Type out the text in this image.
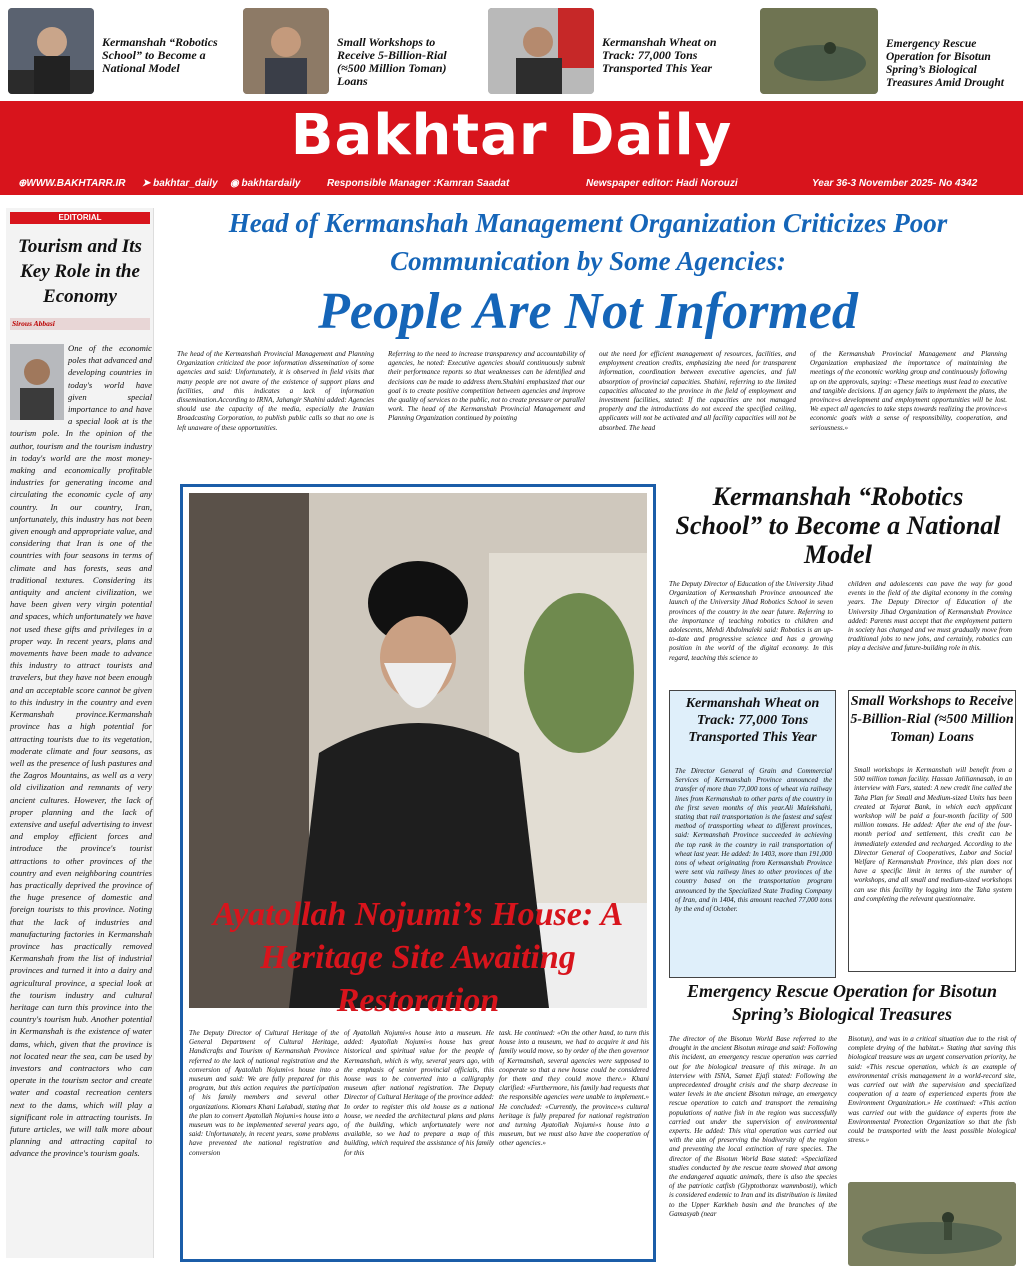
Kermanshah “Robotics School” to Become a National Model
Small Workshops to Receive 5-Billion-Rial (≈500 Million Toman) Loans
Kermanshah Wheat on Track: 77,000 Tons Transported This Year
Emergency Rescue Operation for Bisotun Spring’s Biological Treasures Amid Drought
Bakhtar Daily
⊕WWW.BAKHTARR.IR ➤ bakhtar_daily ◉ bakhtardaily	Responsible Manager :Kamran Saadat	Newspaper editor: Hadi Norouzi	Year 36-3 November 2025- No 4342
EDITORIAL
Tourism and Its Key Role in the Economy
Sirous Abbasi
One of the economic poles that advanced and developing countries in today's world have given special importance to and have a special look at is the tourism pole. In the opinion of the author, tourism and the tourism industry in today's world are the most money-making and economically profitable industries for generating income and circulating the economic cycle of any country. In our country, Iran, unfortunately, this industry has not been given enough and appropriate value, and considering that Iran is one of the countries with four seasons in terms of climate and has forests, seas and traditional textures. Considering its antiquity and ancient civilization, we have been given very virgin potential and spaces, which unfortunately we have not used these gifts and privileges in a proper way. In recent years, plans and movements have been made to advance this industry to attract tourists and travelers, but they have not been enough and an acceptable score cannot be given to this industry in the country and even Kermanshah province.Kermanshah province has a high potential for attracting tourists due to its vegetation, moderate climate and four seasons, as well as the presence of lush pastures and the Zagros Mountains, as well as a very old civilization and remnants of very ancient cultures. However, the lack of proper planning and the lack of extensive and useful advertising to invest and employ efficient forces and introduce the province's tourist attractions to other provinces of the country and even neighboring countries has practically deprived the province of the huge presence of domestic and foreign tourists to this province. Noting that the lack of industries and manufacturing factories in Kermanshah province has practically removed Kermanshah from the list of industrial provinces and turned it into a dairy and agricultural province, a special look at the tourism industry and cultural heritage can turn this province into the country's tourism hub. Another potential in Kermanshah is the existence of water dams, which, given that the province is not located near the sea, can be used by investors and contractors who can operate in the tourism sector and create water and coastal recreation centers next to the dams, which will play a significant role in attracting tourists. In future articles, we will talk more about planning and attracting capital to advance the province's tourism goals.
Head of Kermanshah Management Organization Criticizes Poor Communication by Some Agencies:
People Are Not Informed
The head of the Kermanshah Provincial Management and Planning Organization criticized the poor information dissemination of some agencies and said: Unfortunately, it is observed in field visits that many people are not aware of the existence of support plans and facilities, and this indicates a lack of information dissemination.According to IRNA, Jahangir Shahini added: Agencies should use the capacity of the media, especially the Iranian Broadcasting Corporation, to publish public calls so that no one is left unaware of these opportunities.
Referring to the need to increase transparency and accountability of agencies, he noted: Executive agencies should continuously submit their performance reports so that weaknesses can be identified and decisions can be made to address them.Shahini emphasized that our goal is to create positive competition between agencies and improve the quality of services to the public, not to create pressure or parallel work. The head of the Kermanshah Provincial Management and Planning Organization continued by pointing
out the need for efficient management of resources, facilities, and employment creation credits, emphasizing the need for transparent information, coordination between executive agencies, and full absorption of provincial capacities. Shahini, referring to the limited capacities allocated to the province in the field of employment and investment facilities, stated: If the capacities are not managed properly and the introductions do not exceed the specified ceiling, applicants will not be activated and all facility capacities will not be absorbed. The head
of the Kermanshah Provincial Management and Planning Organization emphasized the importance of maintaining the meetings of the economic working group and continuously following up on the approvals, saying: «These meetings must lead to executive and tangible decisions. If an agency fails to implement the plans, the province»s development and employment opportunities will be lost. We expect all agencies to take steps towards realizing the province»s economic goals with a sense of responsibility, cooperation, and seriousness.»
Ayatollah Nojumi’s House: A Heritage Site Awaiting Restoration
The Deputy Director of Cultural Heritage of the General Department of Cultural Heritage, Handicrafts and Tourism of Kermanshah Province referred to the lack of national registration and the conversion of Ayatollah Nojumi»s house into a museum and said: We are fully prepared for this program, but this action requires the participation of his family members and several other organizations. Kiomars Khani Lalabadi, stating that the plan to convert Ayatollah Nojumi»s house into a museum was to be implemented several years ago, said: Unfortunately, in recent years, some problems have prevented the national registration and conversion
of Ayatollah Nojumi»s house into a museum. He added: Ayatollah Nojumi»s house has great historical and spiritual value for the people of Kermanshah, which is why, several years ago, with the emphasis of senior provincial officials, this house was to be converted into a calligraphy museum after national registration. The Deputy Director of Cultural Heritage of the province added: In order to register this old house as a national house, we needed the architectural plans and plans of the building, which unfortunately were not available, so we had to prepare a map of this building, which required the assistance of his family for this
task. He continued: «On the other hand, to turn this house into a museum, we had to acquire it and his family would move, so by order of the then governor of Kermanshah, several agencies were supposed to cooperate so that a new house could be considered for them and they could move there.» Khani clarified: «Furthermore, his family had requests that the responsible agencies were unable to implement.» He concluded: «Currently, the province»s cultural heritage is fully prepared for national registration and turning Ayatollah Nojumi»s house into a museum, but we must also have the cooperation of other agencies.»
Kermanshah “Robotics School” to Become a National Model
The Deputy Director of Education of the University Jihad Organization of Kermanshah Province announced the launch of the University Jihad Robotics School in seven provinces of the country in the near future. Referring to the importance of teaching robotics to children and adolescents, Mehdi Abdolmaleki said: Robotics is an up-to-date and progressive science and has a growing position in the world of the digital economy. In this regard, teaching this science to
children and adolescents can pave the way for good events in the field of the digital economy in the coming years. The Deputy Director of Education of the University Jihad Organization of Kermanshah Province added: Parents must accept that the employment pattern in society has changed and we must gradually move from traditional jobs to new jobs, and certainly, robotics can play a decisive and future-building role in this.
Kermanshah Wheat on Track: 77,000 Tons Transported This Year
The Director General of Grain and Commercial Services of Kermanshah Province announced the transfer of more than 77,000 tons of wheat via railway lines from Kermanshah to other parts of the country in the first seven months of this year.Ali Malekshahi, stating that rail transportation is the fastest and safest method of transporting wheat to different provinces, said: Kermanshah Province succeeded in achieving the top rank in the country in rail transportation of wheat last year. He added: In 1403, more than 191,000 tons of wheat originating from Kermanshah Province were sent via railway lines to other provinces of the country based on the transportation program announced by the Specialized State Trading Company of Iran, and in 1404, this amount reached 77,000 tons by the end of October.
Small Workshops to Receive 5-Billion-Rial (≈500 Million Toman) Loans
Small workshops in Kermanshah will benefit from a 500 million toman facility. Hassan Jaliliannasab, in an interview with Fars, stated: A new credit line called the Taha Plan for Small and Medium-sized Units has been created at Tejarat Bank, in which each applicant workshop will be paid a four-month facility of 500 million tomans. He added: After the end of the four-month period and settlement, this credit can be immediately extended and recharged. According to the Director General of Cooperatives, Labor and Social Welfare of Kermanshah Province, this plan does not have a specific limit in terms of the number of workshops, and all small and medium-sized workshops can use this facility by logging into the Taha system and completing the relevant questionnaire.
Emergency Rescue Operation for Bisotun Spring’s Biological Treasures
The director of the Bisotun World Base referred to the drought in the ancient Bisotun mirage and said: Following this incident, an emergency rescue operation was carried out for the biological treasure of this mirage. In an interview with ISNA, Samet Ejafi stated: Following the unprecedented drought crisis and the sharp decrease in water levels in the ancient Bisotun mirage, an emergency rescue operation to catch and transport the remaining populations of native fish in the region was successfully carried out under the supervision of environmental experts. He added: This vital operation was carried out with the aim of preserving the biodiversity of the region and preventing the local extinction of rare species. The director of the Bisotun World Base stated: «Specialized studies conducted by the rescue team showed that among the endangered aquatic animals, there is also the species of the patriotic catfish (Glyptothorax wammbosti), which is considered endemic to Iran and its distribution is limited to the Upper Karkheh basin and the branches of the Gamasyab (near
Bisotun), and was in a critical situation due to the risk of complete drying of the habitat.» Stating that saving this biological treasure was an urgent conservation priority, he said: «This rescue operation, which is an example of environmental crisis management in a world-record site, was carried out with the supervision and specialized cooperation of a team of experienced experts from the Environment Organization.» He continued: «This action was carried out with the guidance of experts from the Environmental Protection Organization so that the fish could be transported with the least possible biological stress.»
